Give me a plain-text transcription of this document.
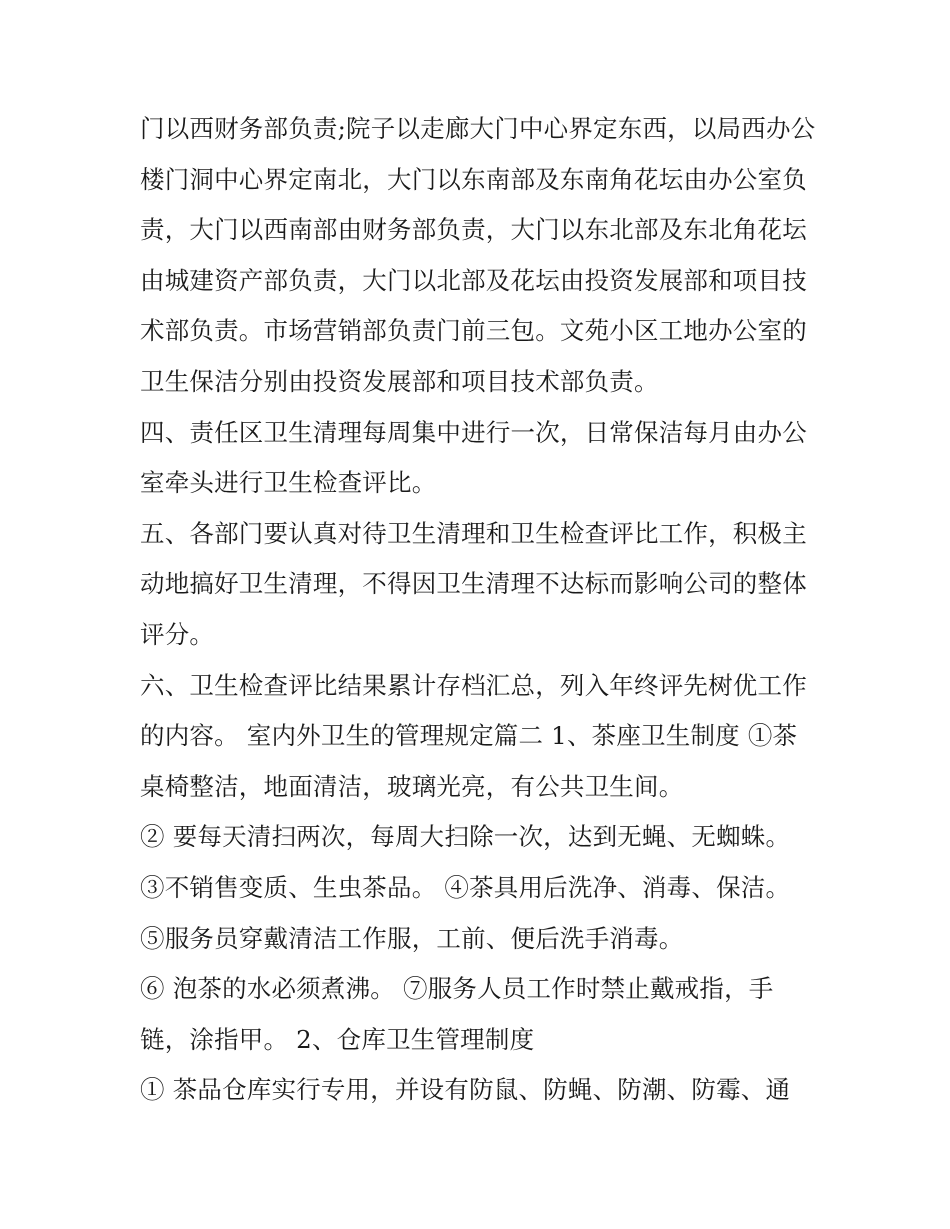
门以西财务部负责;院子以走廊大门中心界定东西，以局西办公楼门洞中心界定南北，大门以东南部及东南角花坛由办公室负责，大门以西南部由财务部负责，大门以东北部及东北角花坛由城建资产部负责，大门以北部及花坛由投资发展部和项目技术部负责。市场营销部负责门前三包。文苑小区工地办公室的卫生保洁分别由投资发展部和项目技术部负责。

四、责任区卫生清理每周集中进行一次，日常保洁每月由办公室牵头进行卫生检查评比。

五、各部门要认真对待卫生清理和卫生检查评比工作，积极主动地搞好卫生清理，不得因卫生清理不达标而影响公司的整体评分。

六、卫生检查评比结果累计存档汇总，列入年终评先树优工作的内容。 室内外卫生的管理规定篇二 1、茶座卫生制度 ①茶桌椅整洁，地面清洁，玻璃光亮，有公共卫生间。

② 要每天清扫两次，每周大扫除一次，达到无蝇、无蜘蛛。

③不销售变质、生虫茶品。 ④茶具用后洗净、消毒、保洁。

⑤服务员穿戴清洁工作服，工前、便后洗手消毒。

⑥ 泡茶的水必须煮沸。 ⑦服务人员工作时禁止戴戒指，手链，涂指甲。 2、仓库卫生管理制度

① 茶品仓库实行专用，并设有防鼠、防蝇、防潮、防霉、通
